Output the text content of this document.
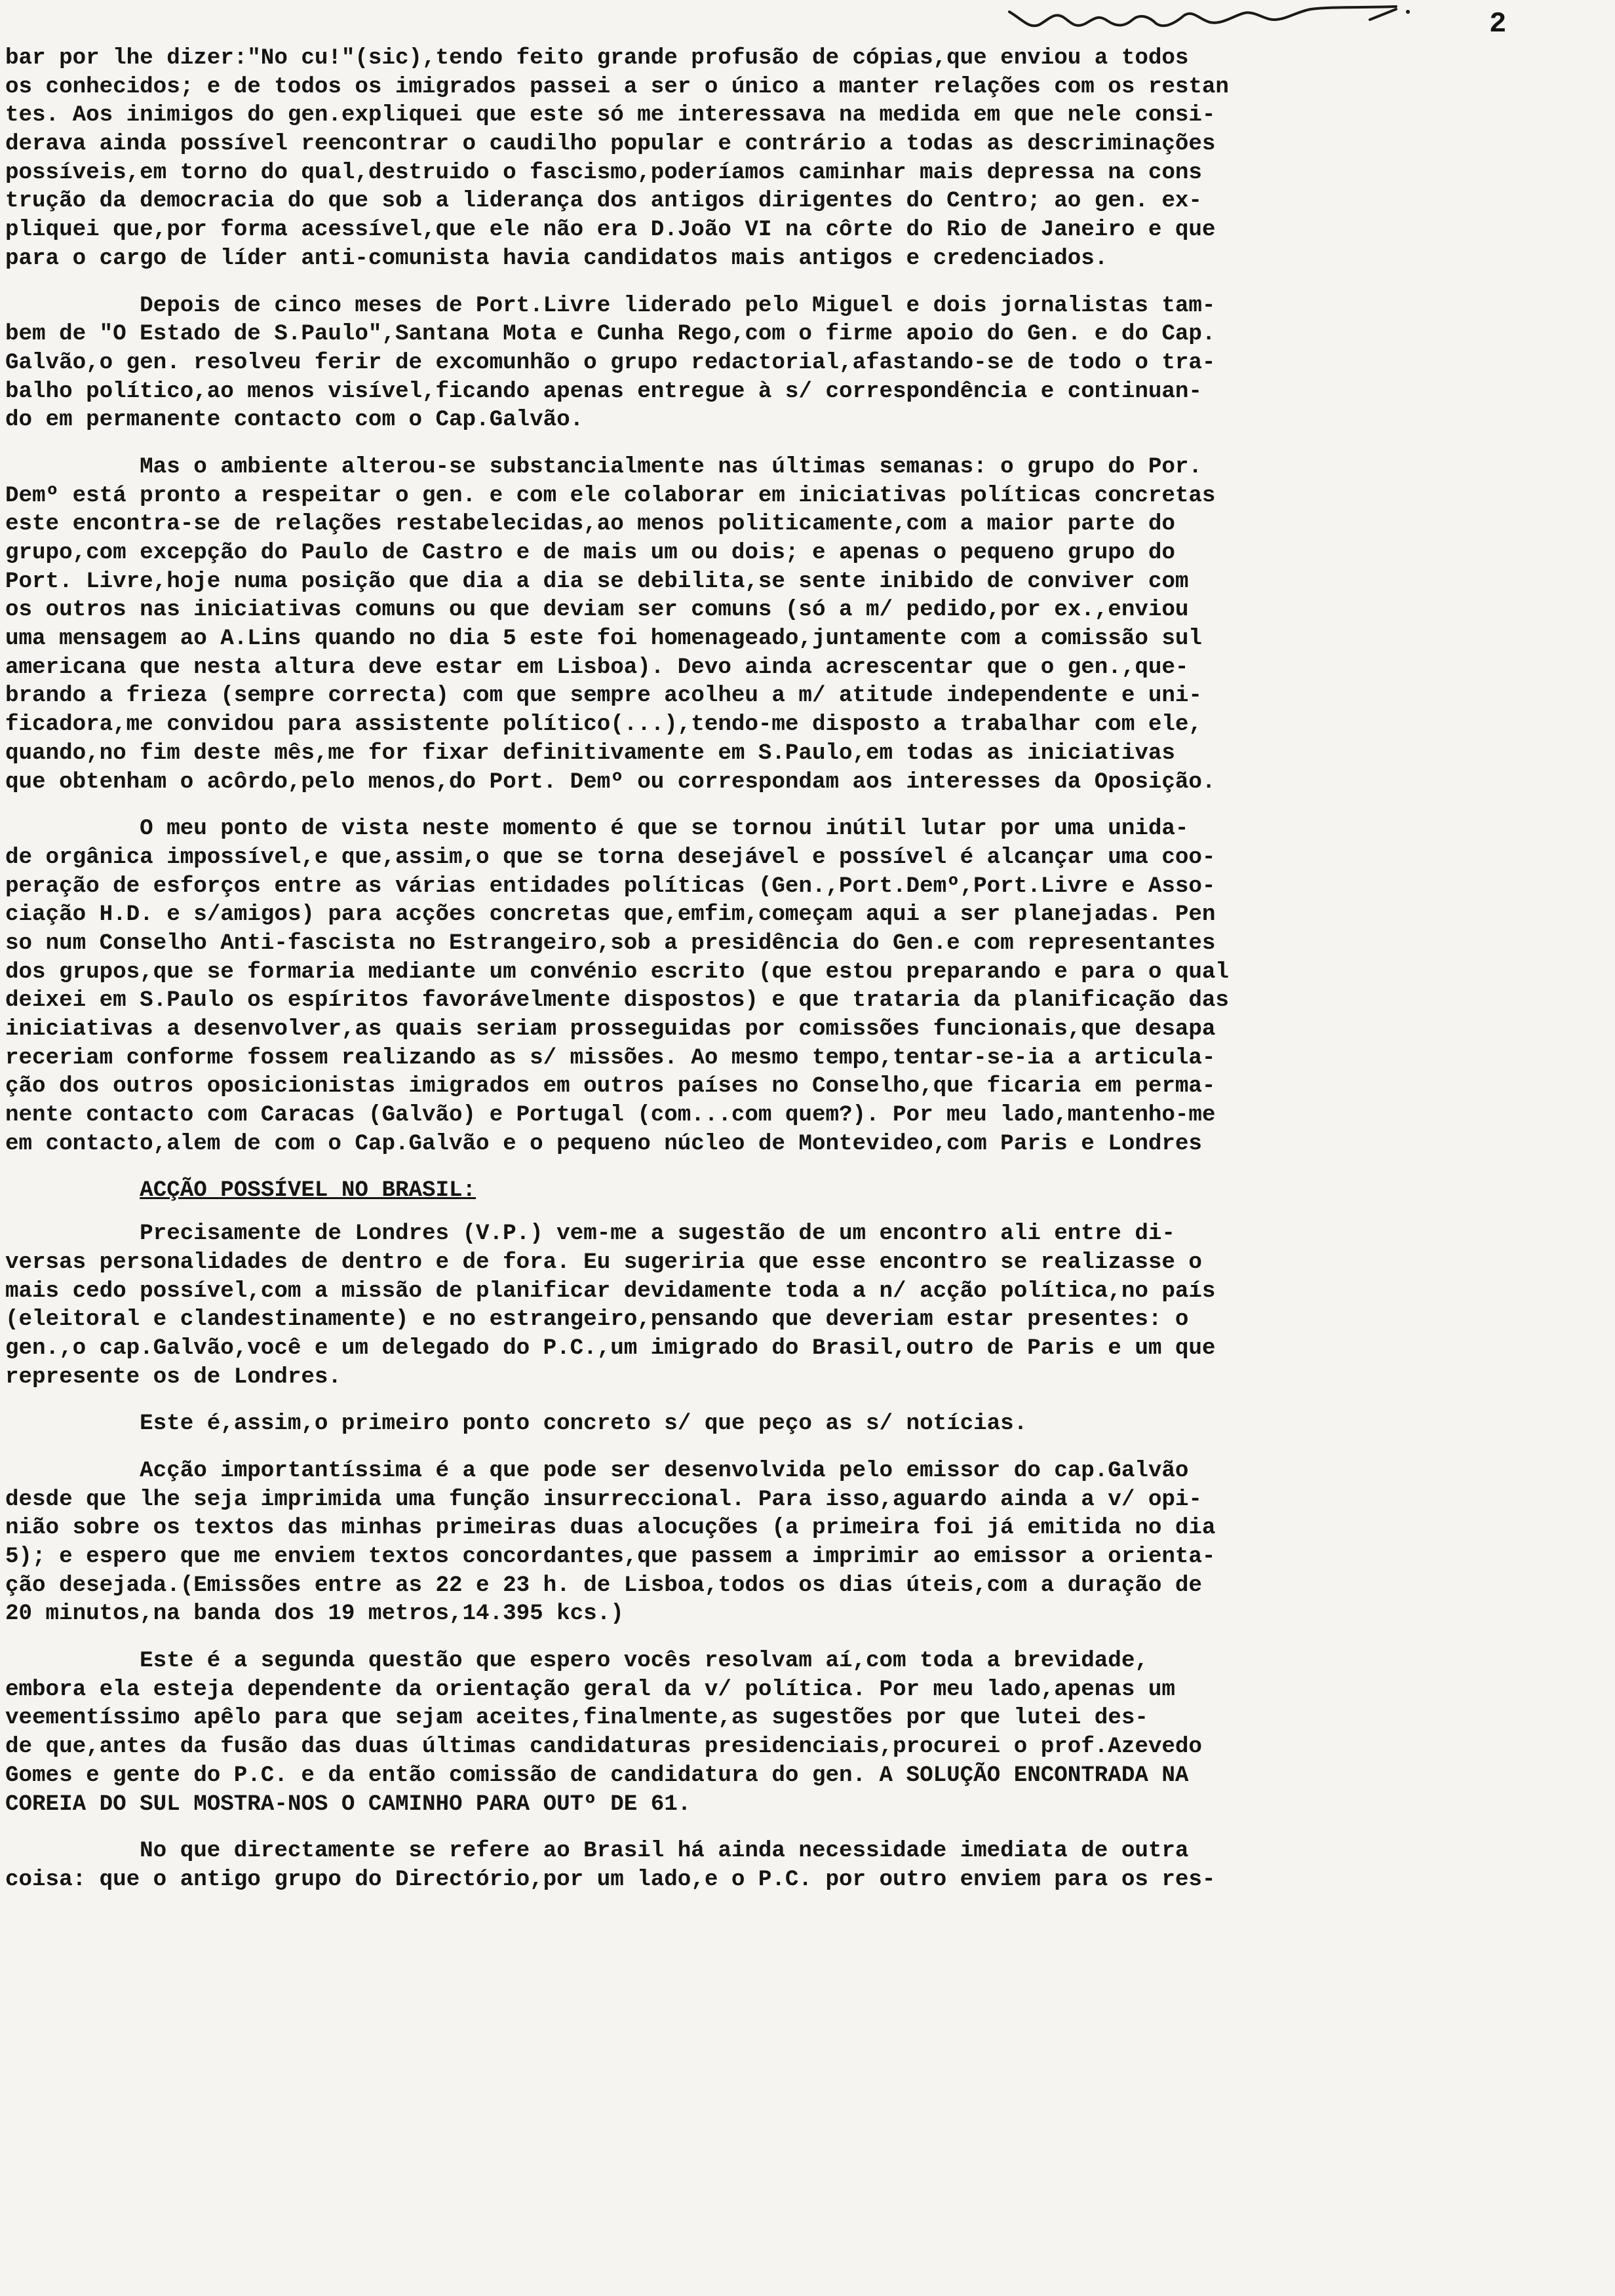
2
bar por lhe dizer:"No cu!"(sic),tendo feito grande profusão de cópias,que enviou a todos
os conhecidos; e de todos os imigrados passei a ser o único a manter relações com os restan
tes. Aos inimigos do gen.expliquei que este só me interessava na medida em que nele consi-
derava ainda possível reencontrar o caudilho popular e contrário a todas as descriminações
possíveis,em torno do qual,destruido o fascismo,poderíamos caminhar mais depressa na cons
trução da democracia do que sob a liderança dos antigos dirigentes do Centro; ao gen. ex-
pliquei que,por forma acessível,que ele não era D.João VI na côrte do Rio de Janeiro e que
para o cargo de líder anti-comunista havia candidatos mais antigos e credenciados.
Depois de cinco meses de Port.Livre liderado pelo Miguel e dois jornalistas tam-
bem de "O Estado de S.Paulo",Santana Mota e Cunha Rego,com o firme apoio do Gen. e do Cap.
Galvão,o gen. resolveu ferir de excomunhão o grupo redactorial,afastando-se de todo o tra-
balho político,ao menos visível,ficando apenas entregue à s/ correspondência e continuan-
do em permanente contacto com o Cap.Galvão.
Mas o ambiente alterou-se substancialmente nas últimas semanas: o grupo do Por.
Demº está pronto a respeitar o gen. e com ele colaborar em iniciativas políticas concretas
este encontra-se de relações restabelecidas,ao menos politicamente,com a maior parte do
grupo,com excepção do Paulo de Castro e de mais um ou dois; e apenas o pequeno grupo do
Port. Livre,hoje numa posição que dia a dia se debilita,se sente inibido de conviver com
os outros nas iniciativas comuns ou que deviam ser comuns (só a m/ pedido,por ex.,enviou
uma mensagem ao A.Lins quando no dia 5 este foi homenageado,juntamente com a comissão sul
americana que nesta altura deve estar em Lisboa). Devo ainda acrescentar que o gen.,que-
brando a frieza (sempre correcta) com que sempre acolheu a m/ atitude independente e uni-
ficadora,me convidou para assistente político(...),tendo-me disposto a trabalhar com ele,
quando,no fim deste mês,me for fixar definitivamente em S.Paulo,em todas as iniciativas
que obtenham o acôrdo,pelo menos,do Port. Demº ou correspondam aos interesses da Oposição.
O meu ponto de vista neste momento é que se tornou inútil lutar por uma unida-
de orgânica impossível,e que,assim,o que se torna desejável e possível é alcançar uma coo-
peração de esforços entre as várias entidades políticas (Gen.,Port.Demº,Port.Livre e Asso-
ciação H.D. e s/amigos) para acções concretas que,emfim,começam aqui a ser planejadas. Pen
so num Conselho Anti-fascista no Estrangeiro,sob a presidência do Gen.e com representantes
dos grupos,que se formaria mediante um convénio escrito (que estou preparando e para o qual
deixei em S.Paulo os espíritos favorávelmente dispostos) e que trataria da planificação das
iniciativas a desenvolver,as quais seriam prosseguidas por comissões funcionais,que desapa
receriam conforme fossem realizando as s/ missões. Ao mesmo tempo,tentar-se-ia a articula-
ção dos outros oposicionistas imigrados em outros países no Conselho,que ficaria em perma-
nente contacto com Caracas (Galvão) e Portugal (com...com quem?). Por meu lado,mantenho-me
em contacto,alem de com o Cap.Galvão e o pequeno núcleo de Montevideo,com Paris e Londres
ACÇÃO POSSÍVEL NO BRASIL:
Precisamente de Londres (V.P.) vem-me a sugestão de um encontro ali entre di-
versas personalidades de dentro e de fora. Eu sugeriria que esse encontro se realizasse o
mais cedo possível,com a missão de planificar devidamente toda a n/ acção política,no país
(eleitoral e clandestinamente) e no estrangeiro,pensando que deveriam estar presentes: o
gen.,o cap.Galvão,você e um delegado do P.C.,um imigrado do Brasil,outro de Paris e um que
represente os de Londres.
Este é,assim,o primeiro ponto concreto s/ que peço as s/ notícias.
Acção importantíssima é a que pode ser desenvolvida pelo emissor do cap.Galvão
desde que lhe seja imprimida uma função insurreccional. Para isso,aguardo ainda a v/ opi-
nião sobre os textos das minhas primeiras duas alocuções (a primeira foi já emitida no dia
5); e espero que me enviem textos concordantes,que passem a imprimir ao emissor a orienta-
ção desejada.(Emissões entre as 22 e 23 h. de Lisboa,todos os dias úteis,com a duração de
20 minutos,na banda dos 19 metros,14.395 kcs.)
Este é a segunda questão que espero vocês resolvam aí,com toda a brevidade,
embora ela esteja dependente da orientação geral da v/ política. Por meu lado,apenas um
veementíssimo apêlo para que sejam aceites,finalmente,as sugestões por que lutei des-
de que,antes da fusão das duas últimas candidaturas presidenciais,procurei o prof.Azevedo
Gomes e gente do P.C. e da então comissão de candidatura do gen. A SOLUÇÃO ENCONTRADA NA
COREIA DO SUL MOSTRA-NOS O CAMINHO PARA OUTº DE 61.
No que directamente se refere ao Brasil há ainda necessidade imediata de outra
coisa: que o antigo grupo do Directório,por um lado,e o P.C. por outro enviem para os res-
